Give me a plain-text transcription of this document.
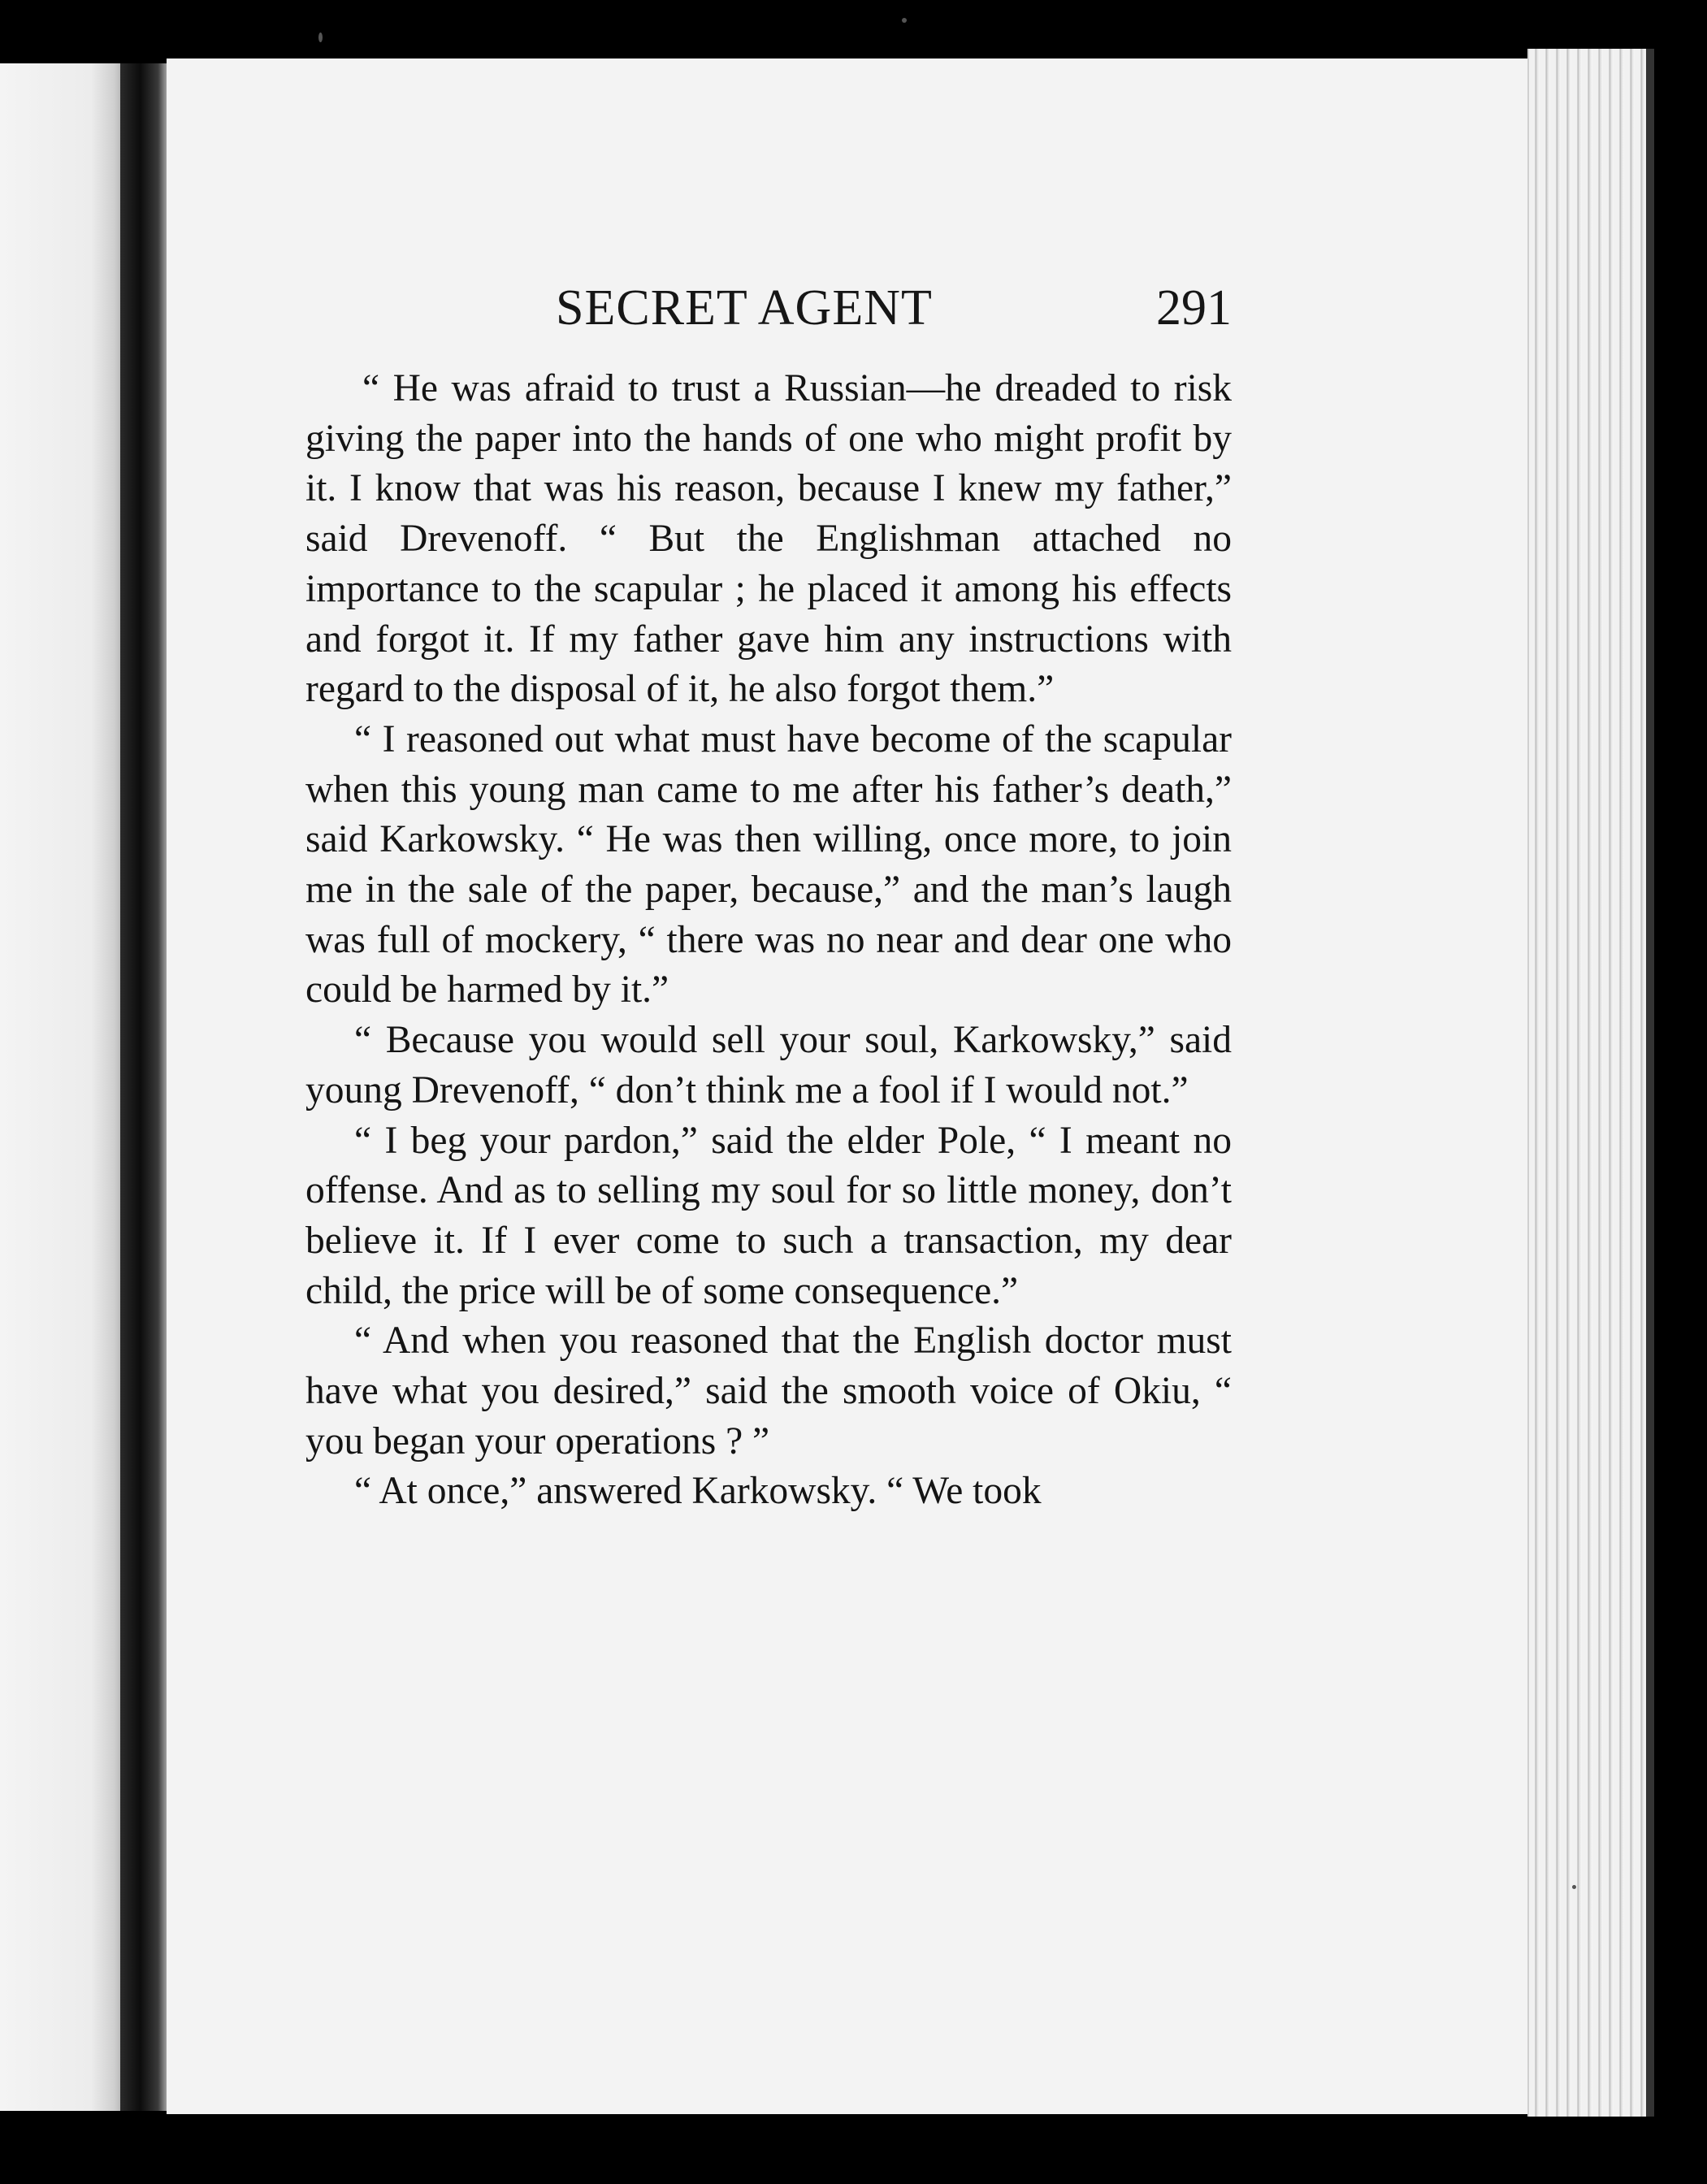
SECRET AGENT	291

“ He was afraid to trust a Russian—he dreaded to risk giving the paper into the hands of one who might profit by it. I know that was his reason, because I knew my father,” said Drevenoff. “ But the Englishman attached no importance to the scapular ; he placed it among his effects and forgot it. If my father gave him any instructions with regard to the disposal of it, he also forgot them.”

“ I reasoned out what must have become of the scapular when this young man came to me after his father’s death,” said Karkowsky. “ He was then willing, once more, to join me in the sale of the paper, because,” and the man’s laugh was full of mockery, “ there was no near and dear one who could be harmed by it.”

“ Because you would sell your soul, Karkowsky,” said young Drevenoff, “ don’t think me a fool if I would not.”

“ I beg your pardon,” said the elder Pole, “ I meant no offense. And as to selling my soul for so little money, don’t believe it. If I ever come to such a transaction, my dear child, the price will be of some consequence.”

“ And when you reasoned that the English doctor must have what you desired,” said the smooth voice of Okiu, “ you began your operations ? ”

“ At once,” answered Karkowsky. “ We took
